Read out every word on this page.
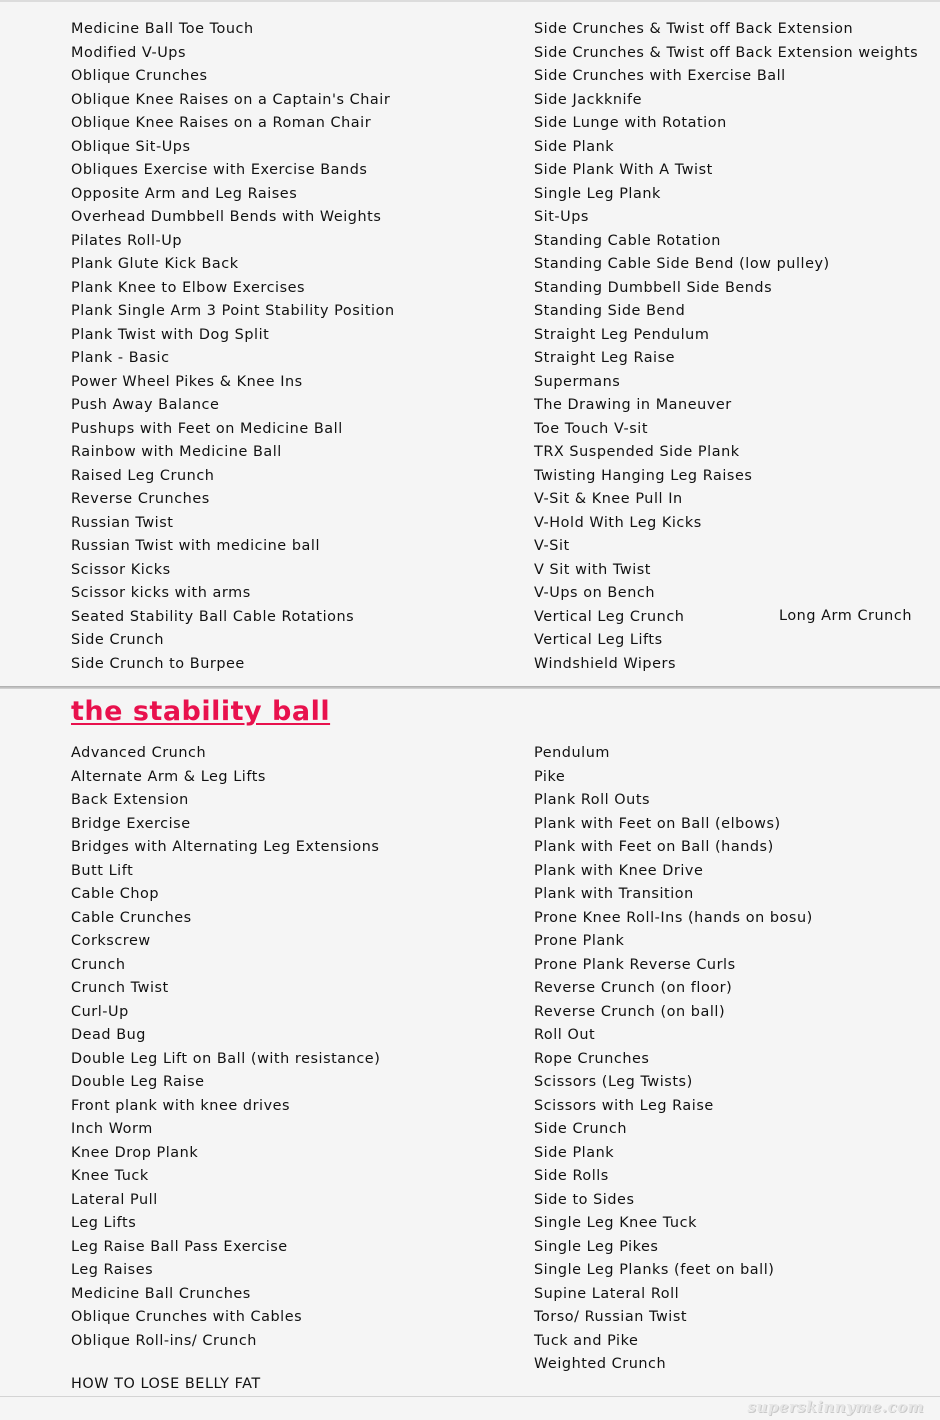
Medicine Ball Toe Touch
Modified V-Ups
Oblique Crunches
Oblique Knee Raises on a Captain's Chair
Oblique Knee Raises on a Roman Chair
Oblique Sit-Ups
Obliques Exercise with Exercise Bands
Opposite Arm and Leg Raises
Overhead Dumbbell Bends with Weights
Pilates Roll-Up
Plank Glute Kick Back
Plank Knee to Elbow Exercises
Plank Single Arm 3 Point Stability Position
Plank Twist with Dog Split
Plank - Basic
Power Wheel Pikes & Knee Ins
Push Away Balance
Pushups with Feet on Medicine Ball
Rainbow with Medicine Ball
Raised Leg Crunch
Reverse Crunches
Russian Twist
Russian Twist with medicine ball
Scissor Kicks
Scissor kicks with arms
Seated Stability Ball Cable Rotations
Side Crunch
Side Crunch to Burpee
Side Crunches & Twist off Back Extension
Side Crunches & Twist off Back Extension weights
Side Crunches with Exercise Ball
Side Jackknife
Side Lunge with Rotation
Side Plank
Side Plank With A Twist
Single Leg Plank
Sit-Ups
Standing Cable Rotation
Standing Cable Side Bend (low pulley)
Standing Dumbbell Side Bends
Standing Side Bend
Straight Leg Pendulum
Straight Leg Raise
Supermans
The Drawing in Maneuver
Toe Touch V-sit
TRX Suspended Side Plank
Twisting Hanging Leg Raises
V-Sit & Knee Pull In
V-Hold With Leg Kicks
V-Sit
V Sit with Twist
V-Ups on Bench
Vertical Leg Crunch
Vertical Leg Lifts
Windshield Wipers
Long Arm Crunch
the stability ball
Advanced Crunch
Alternate Arm & Leg Lifts
Back Extension
Bridge Exercise
Bridges with Alternating Leg Extensions
Butt Lift
Cable Chop
Cable Crunches
Corkscrew
Crunch
Crunch Twist
Curl-Up
Dead Bug
Double Leg Lift on Ball (with resistance)
Double Leg Raise
Front plank with knee drives
Inch Worm
Knee Drop Plank
Knee Tuck
Lateral Pull
Leg Lifts
Leg Raise Ball Pass Exercise
Leg Raises
Medicine Ball Crunches
Oblique Crunches with Cables
Oblique Roll-ins/ Crunch
Pendulum
Pike
Plank Roll Outs
Plank with Feet on Ball (elbows)
Plank with Feet on Ball (hands)
Plank with Knee Drive
Plank with Transition
Prone Knee Roll-Ins (hands on bosu)
Prone Plank
Prone Plank Reverse Curls
Reverse Crunch (on floor)
Reverse Crunch (on ball)
Roll Out
Rope Crunches
Scissors (Leg Twists)
Scissors with Leg Raise
Side Crunch
Side Plank
Side Rolls
Side to Sides
Single Leg Knee Tuck
Single Leg Pikes
Single Leg Planks (feet on ball)
Supine Lateral Roll
Torso/ Russian Twist
Tuck and Pike
Weighted Crunch
HOW TO LOSE BELLY FAT
superskinnyme.com
